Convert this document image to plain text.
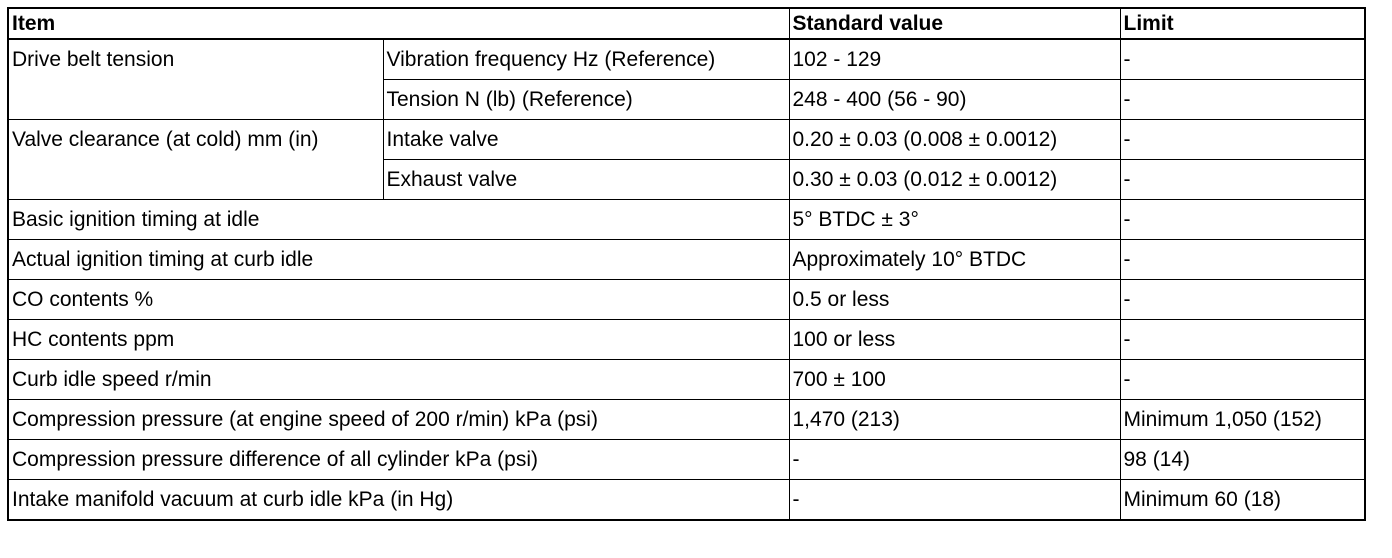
Item		Standard value	Limit
Drive belt tension	Vibration frequency Hz (Reference)	102 - 129	-
	Tension N (lb) (Reference)	248 - 400 (56 - 90)	-
Valve clearance (at cold) mm (in)	Intake valve	0.20 ± 0.03 (0.008 ± 0.0012)	-
	Exhaust valve	0.30 ± 0.03 (0.012 ± 0.0012)	-
Basic ignition timing at idle		5° BTDC ± 3°	-
Actual ignition timing at curb idle		Approximately 10° BTDC	-
CO contents %		0.5 or less	-
HC contents ppm		100 or less	-
Curb idle speed r/min		700 ± 100	-
Compression pressure (at engine speed of 200 r/min) kPa (psi)		1,470 (213)	Minimum 1,050 (152)
Compression pressure difference of all cylinder kPa (psi)		-	98 (14)
Intake manifold vacuum at curb idle kPa (in Hg)		-	Minimum 60 (18)
